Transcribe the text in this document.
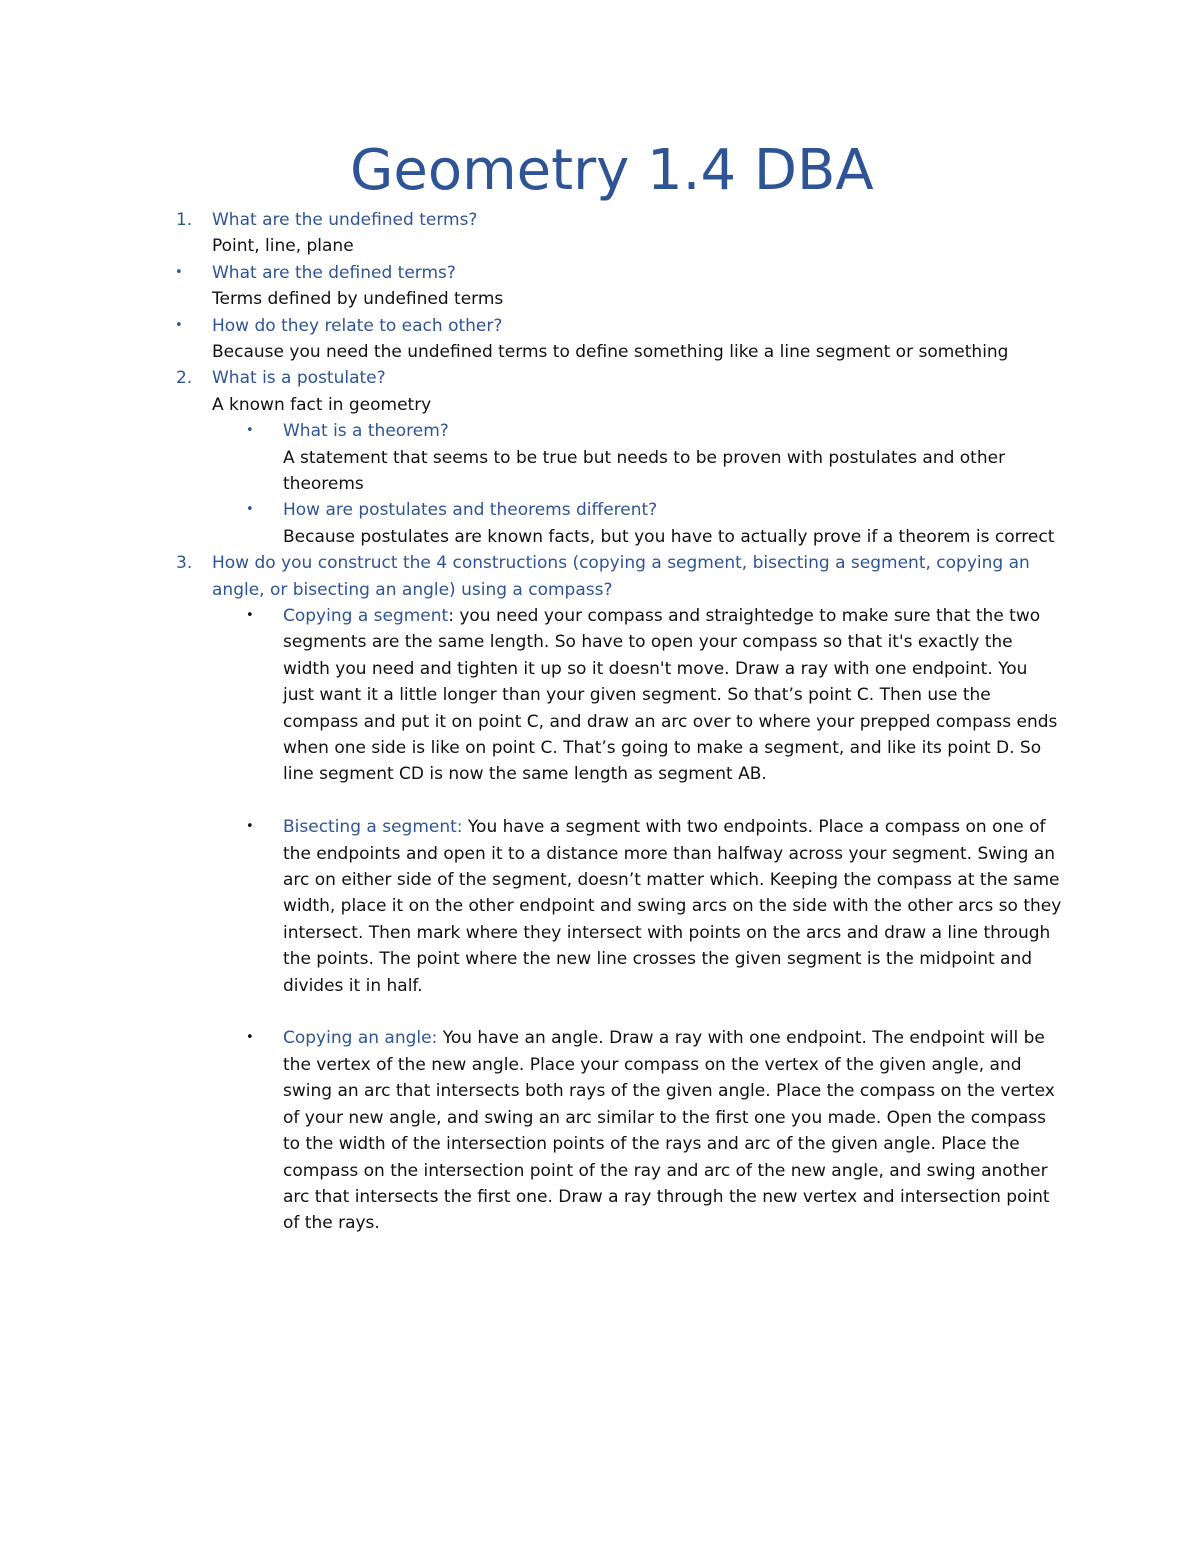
Geometry 1.4 DBA
1. What are the undefined terms?
Point, line, plane
• What are the defined terms?
Terms defined by undefined terms
• How do they relate to each other?
Because you need the undefined terms to define something like a line segment or something
2. What is a postulate?
A known fact in geometry
• What is a theorem?
A statement that seems to be true but needs to be proven with postulates and other theorems
• How are postulates and theorems different?
Because postulates are known facts, but you have to actually prove if a theorem is correct
3. How do you construct the 4 constructions (copying a segment, bisecting a segment, copying an angle, or bisecting an angle) using a compass?
• Copying a segment: you need your compass and straightedge to make sure that the two segments are the same length. So have to open your compass so that it's exactly the width you need and tighten it up so it doesn't move. Draw a ray with one endpoint. You just want it a little longer than your given segment. So that’s point C. Then use the compass and put it on point C, and draw an arc over to where your prepped compass ends when one side is like on point C. That’s going to make a segment, and like its point D. So line segment CD is now the same length as segment AB.
• Bisecting a segment: You have a segment with two endpoints. Place a compass on one of the endpoints and open it to a distance more than halfway across your segment. Swing an arc on either side of the segment, doesn’t matter which. Keeping the compass at the same width, place it on the other endpoint and swing arcs on the side with the other arcs so they intersect. Then mark where they intersect with points on the arcs and draw a line through the points. The point where the new line crosses the given segment is the midpoint and divides it in half.
• Copying an angle: You have an angle. Draw a ray with one endpoint. The endpoint will be the vertex of the new angle. Place your compass on the vertex of the given angle, and swing an arc that intersects both rays of the given angle. Place the compass on the vertex of your new angle, and swing an arc similar to the first one you made. Open the compass to the width of the intersection points of the rays and arc of the given angle. Place the compass on the intersection point of the ray and arc of the new angle, and swing another arc that intersects the first one. Draw a ray through the new vertex and intersection point of the rays.
